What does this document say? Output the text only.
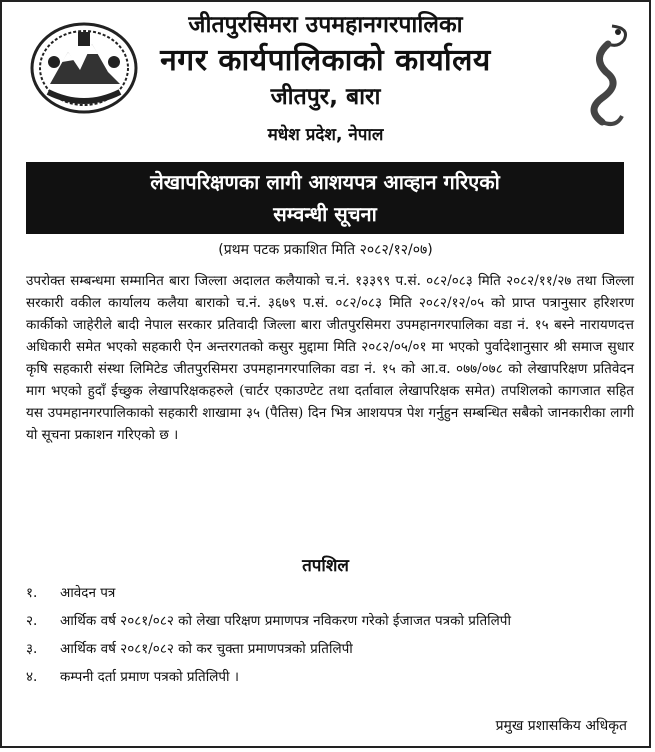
जीतपुरसिमरा उपमहानगरपालिका
नगर कार्यपालिकाको कार्यालय
जीतपुर, बारा
मधेश प्रदेश, नेपाल
लेखापरिक्षणका लागी आशयपत्र आव्हान गरिएको
सम्वन्धी सूचना
(प्रथम पटक प्रकाशित मिति २०८२/१२/०७)
उपरोक्त सम्बन्धमा सम्मानित बारा जिल्ला अदालत कलैयाको च.नं. १३३९९ प.सं. ०८२/०८३ मिति २०८२/११/२७ तथा जिल्ला सरकारी वकील कार्यालय कलैया बाराको च.नं. ३६७९ प.सं. ०८२/०८३ मिति २०८२/१२/०५ को प्राप्त पत्रानुसार हरिशरण कार्कीको जाहेरीले बादी नेपाल सरकार प्रतिवादी जिल्ला बारा जीतपुरसिमरा उपमहानगरपालिका वडा नं. १५ बस्ने नारायणदत्त अधिकारी समेत भएको सहकारी ऐन अन्तरगतको कसुर मुद्दामा मिति २०८२/०५/०१ मा भएको पुर्वादेशानुसार श्री समाज सुधार कृषि सहकारी संस्था लिमिटेड जीतपुरसिमरा उपमहानगरपालिका वडा नं. १५ को आ.व. ०७७/०७८ को लेखापरिक्षण प्रतिवेदन माग भएको हुदाँ ईच्छुक लेखापरिक्षकहरुले (चार्टर एकाउण्टेट तथा दर्तावाल लेखापरिक्षक समेत) तपशिलको कागजात सहित यस उपमहानगरपालिकाको सहकारी शाखामा ३५ (पैतिस) दिन भित्र आशयपत्र पेश गर्नुहुन सम्बन्धित सबैको जानकारीका लागी यो सूचना प्रकाशन गरिएको छ ।
तपशिल
१.	आवेदन पत्र
२.	आर्थिक वर्ष २०८१/०८२ को लेखा परिक्षण प्रमाणपत्र नविकरण गरेको ईजाजत पत्रको प्रतिलिपी
३.	आर्थिक वर्ष २०८१/०८२ को कर चुक्ता प्रमाणपत्रको प्रतिलिपी
४.	कम्पनी दर्ता प्रमाण पत्रको प्रतिलिपी ।
प्रमुख प्रशासकिय अधिकृत
